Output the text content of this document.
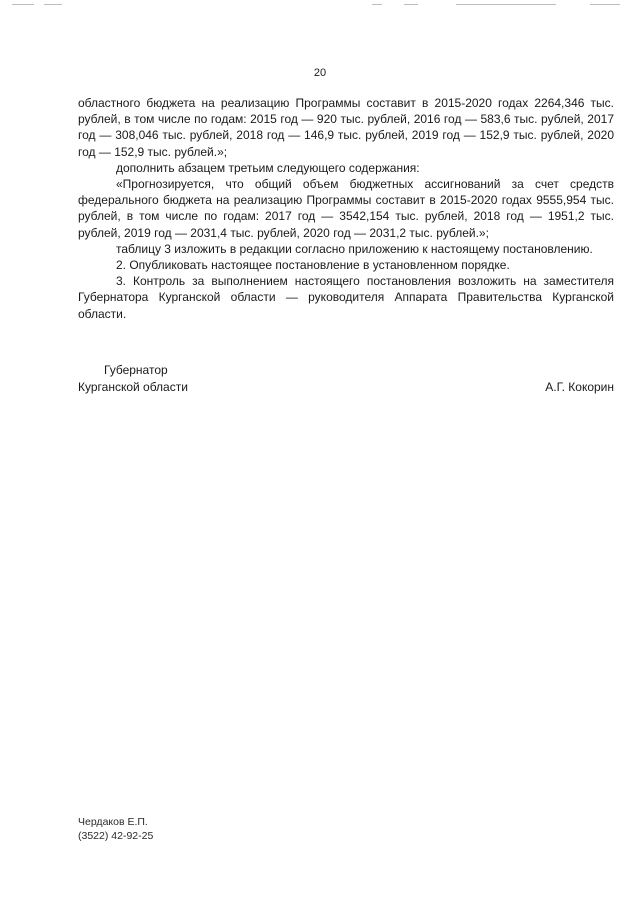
20

областного бюджета на реализацию Программы составит в 2015-2020 годах 2264,346 тыс. рублей, в том числе по годам: 2015 год — 920 тыс. рублей, 2016 год — 583,6 тыс. рублей, 2017 год — 308,046 тыс. рублей, 2018 год — 146,9 тыс. рублей, 2019 год — 152,9 тыс. рублей, 2020 год — 152,9 тыс. рублей.»;

дополнить абзацем третьим следующего содержания:

«Прогнозируется, что общий объем бюджетных ассигнований за счет средств федерального бюджета на реализацию Программы составит в 2015-2020 годах 9555,954 тыс. рублей, в том числе по годам: 2017 год — 3542,154 тыс. рублей, 2018 год — 1951,2 тыс. рублей, 2019 год — 2031,4 тыс. рублей, 2020 год — 2031,2 тыс. рублей.»;

таблицу 3 изложить в редакции согласно приложению к настоящему постановлению.

2. Опубликовать настоящее постановление в установленном порядке.

3. Контроль за выполнением настоящего постановления возложить на заместителя Губернатора Курганской области — руководителя Аппарата Правительства Курганской области.

Губернатор
Курганской области	А.Г. Кокорин
Чердаков Е.П.
(3522) 42-92-25
